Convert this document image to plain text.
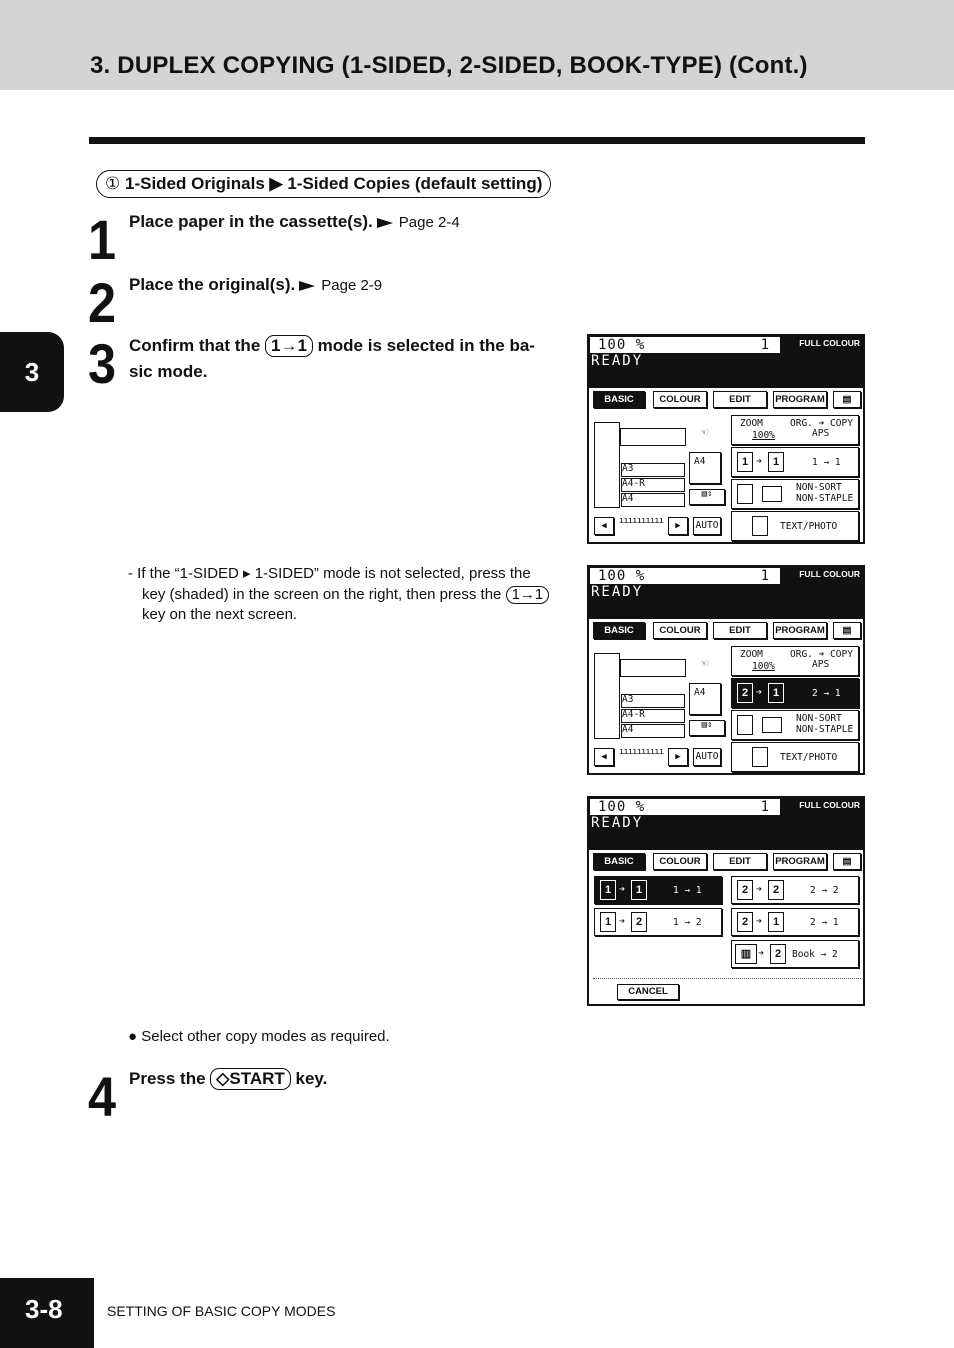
3. DUPLEX COPYING (1-SIDED, 2-SIDED, BOOK-TYPE) (Cont.)
3
① 1-Sided Originals ▶ 1-Sided Copies (default setting)
1 Place paper in the cassette(s). Page 2-4
2 Place the original(s). Page 2-9
3 Confirm that the 1→1 mode is selected in the ba-
sic mode.
- If the “1-SIDED ▸ 1-SIDED” mode is not selected, press the
key (shaded) in the screen on the right, then press the 1→1
key on the next screen.
● Select other copy modes as required.
4 Press the ◇START key.
100 %	1	FULL COLOUR
READY
BASIC	COLOUR	EDIT	PROGRAM	▤
A3
A4-R
A4
A4
☜
▤⇕
◀	ıııııııııı	▶	AUTO
ZOOM
100%
ORG. ➔ COPY
APS
1 ➔ 1	1 → 1
NON-SORT
NON-STAPLE
TEXT/PHOTO
100 %	1	FULL COLOUR
READY
BASIC	COLOUR	EDIT	PROGRAM	▤
A3
A4-R
A4
A4
☜
▤⇕
◀	ıııııııııı	▶	AUTO
ZOOM
100%
ORG. ➔ COPY
APS
2 ➔ 1	2 → 1
NON-SORT
NON-STAPLE
TEXT/PHOTO
100 %	1	FULL COLOUR
READY
BASIC	COLOUR	EDIT	PROGRAM	▤
1 ➔ 1	1 → 1
1 ➔ 2	1 → 2
2 ➔ 2	2 → 2
2 ➔ 1	2 → 1
▥ ➔ 2	Book → 2
CANCEL
3-8	SETTING OF BASIC COPY MODES
